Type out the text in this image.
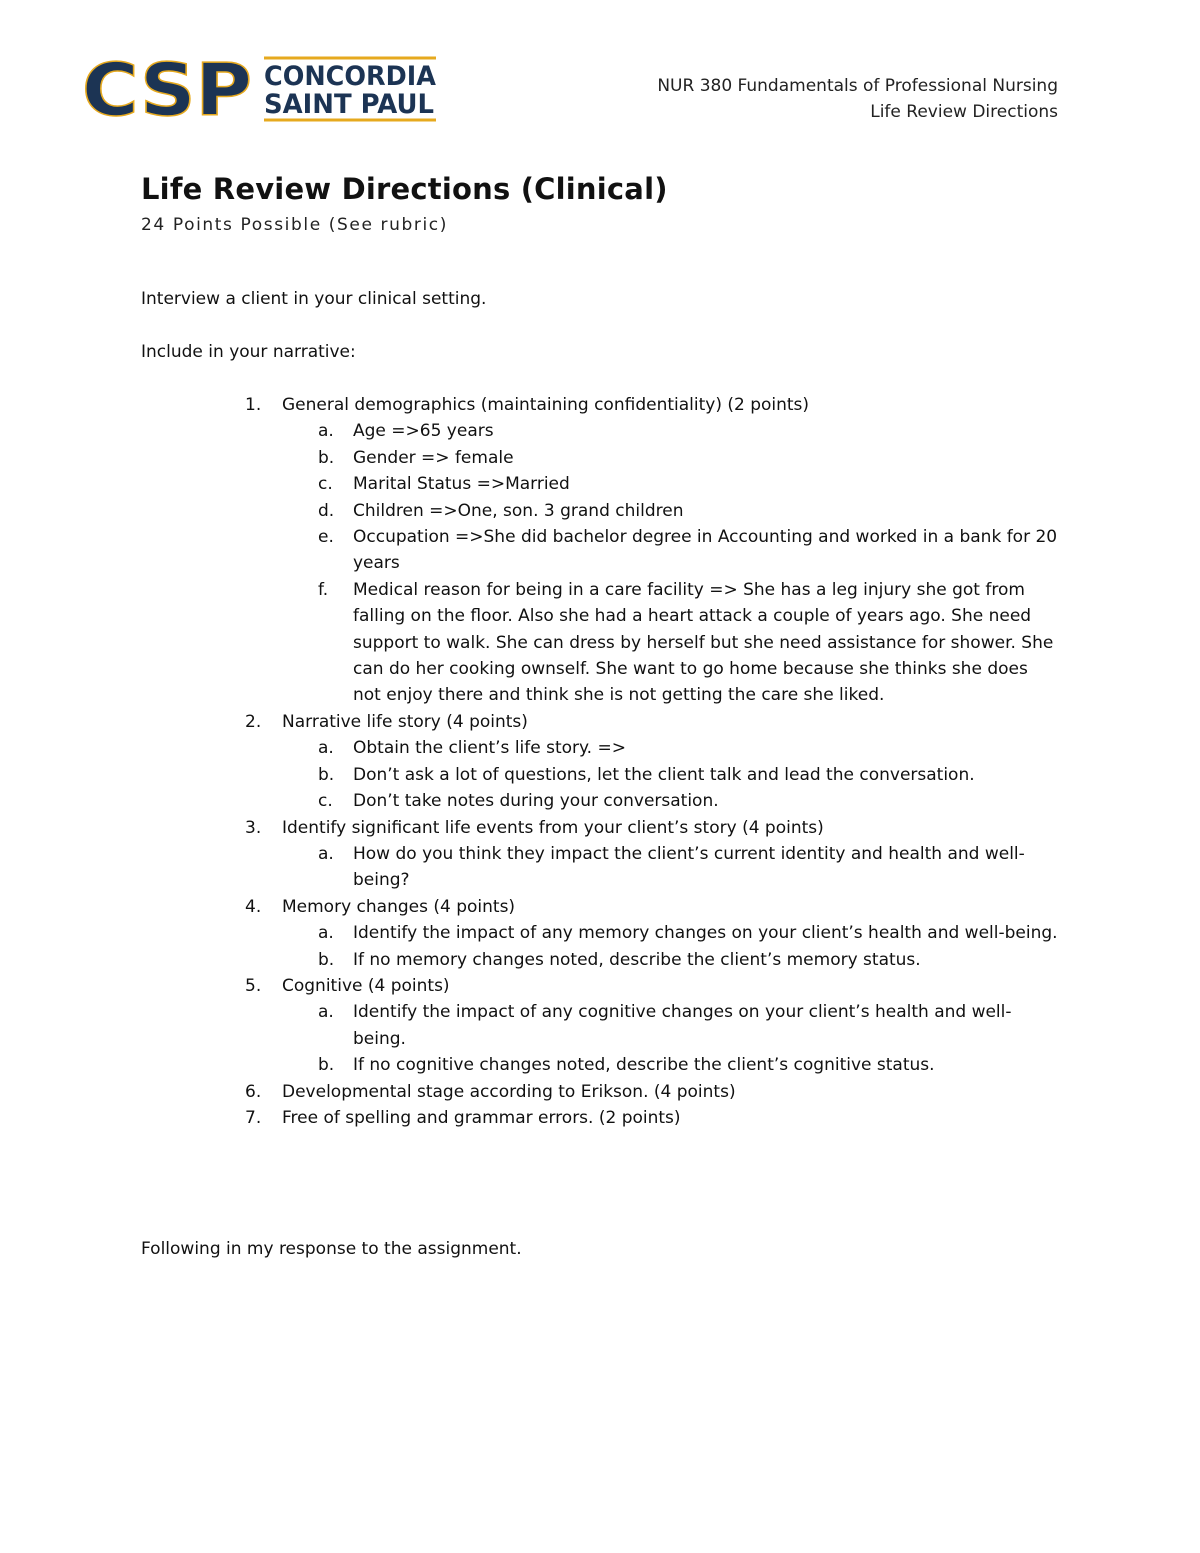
CSP CONCORDIA
SAINT PAUL
NUR 380 Fundamentals of Professional Nursing
Life Review Directions
Life Review Directions (Clinical)
24 Points Possible (See rubric)
Interview a client in your clinical setting.
Include in your narrative:
1.	General demographics (maintaining confidentiality) (2 points)
a.	Age =>65 years
b.	Gender => female
c.	Marital Status =>Married
d.	Children =>One, son. 3 grand children
e.	Occupation =>She did bachelor degree in Accounting and worked in a bank for 20 years
f.	Medical reason for being in a care facility => She has a leg injury she got from falling on the floor. Also she had a heart attack a couple of years ago. She need support to walk. She can dress by herself but she need assistance for shower. She can do her cooking ownself. She want to go home because she thinks she does not enjoy there and think she is not getting the care she liked.
2.	Narrative life story (4 points)
a.	Obtain the client’s life story. =>
b.	Don’t ask a lot of questions, let the client talk and lead the conversation.
c.	Don’t take notes during your conversation.
3.	Identify significant life events from your client’s story (4 points)
a.	How do you think they impact the client’s current identity and health and well-being?
4.	Memory changes (4 points)
a.	Identify the impact of any memory changes on your client’s health and well-being.
b.	If no memory changes noted, describe the client’s memory status.
5.	Cognitive (4 points)
a.	Identify the impact of any cognitive changes on your client’s health and well-being.
b.	If no cognitive changes noted, describe the client’s cognitive status.
6.	Developmental stage according to Erikson. (4 points)
7.	Free of spelling and grammar errors. (2 points)
Following in my response to the assignment.
